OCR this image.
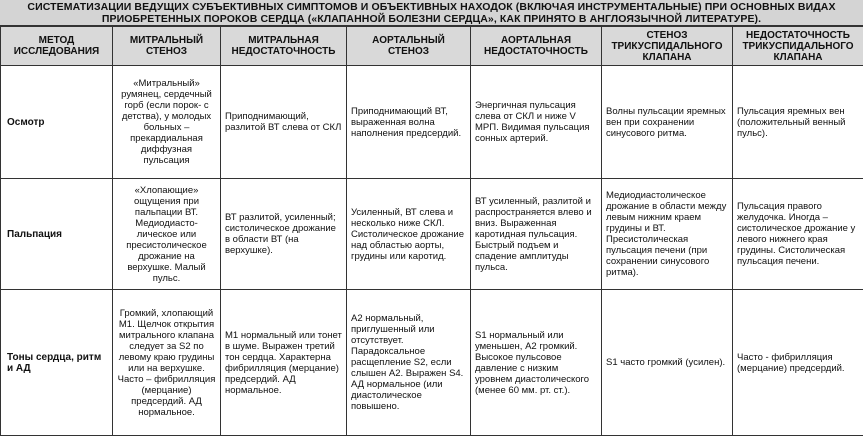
СИСТЕМАТИЗАЦИИ ВЕДУЩИХ СУБЪЕКТИВНЫХ СИМПТОМОВ И ОБЪЕКТИВНЫХ НАХОДОК (ВКЛЮЧАЯ ИНСТРУМЕНТАЛЬНЫЕ) ПРИ ОСНОВНЫХ ВИДАХ
ПРИОБРЕТЕННЫХ ПОРОКОВ СЕРДЦА («КЛАПАННОЙ БОЛЕЗНИ СЕРДЦА», КАК ПРИНЯТО В АНГЛОЯЗЫЧНОЙ ЛИТЕРАТУРЕ).
МЕТОД ИССЛЕДОВАНИЯ	МИТРАЛЬНЫЙ СТЕНОЗ	МИТРАЛЬНАЯ НЕДОСТАТОЧНОСТЬ	АОРТАЛЬНЫЙ СТЕНОЗ	АОРТАЛЬНАЯ НЕДОСТАТОЧНОСТЬ	СТЕНОЗ ТРИКУСПИДАЛЬНОГО КЛАПАНА	НЕДОСТАТОЧНОСТЬ ТРИКУСПИДАЛЬНОГО КЛАПАНА
Осмотр	«Митральный» румянец, сердечный горб (если порок- с детства), у молодых больных – прекардиальная диффузная пульсация	Приподнимающий, разлитой ВТ слева от СКЛ	Приподнимающий ВТ, выраженная волна наполнения предсердий.	Энергичная пульсация слева от СКЛ и ниже V МРП. Видимая пульсация сонных артерий.	Волны пульсации яремных вен при сохранении синусового ритма.	Пульсация яремных вен (положительный венный пульс).
Пальпация	«Хлопающие» ощущения при пальпации ВТ. Медиодиасто-лическое или пресистолическое дрожание на верхушке. Малый пульс.	ВТ разлитой, усиленный; систолическое дрожание в области ВТ (на верхушке).	Усиленный, ВТ слева и несколько ниже СКЛ. Систолическое дрожание над областью аорты, грудины или каротид.	ВТ усиленный, разлитой и распространяется влево и вниз. Выраженная каротидная пульсация. Быстрый подъем и спадение амплитуды пульса.	Медиодиастолическое дрожание в области между левым нижним краем грудины и ВТ. Пресистолическая пульсация печени (при сохранении синусового ритма).	Пульсация правого желудочка. Иногда – систолическое дрожание у левого нижнего края грудины. Систолическая пульсация печени.
Тоны сердца, ритм и АД	Громкий, хлопающий М1. Щелчок открытия митрального клапана следует за S2 по левому краю грудины или на верхушке. Часто – фибрилляция (мерцание) предсердий. АД нормальное.	М1 нормальный или тонет в шуме. Выражен третий тон сердца. Характерна фибрилляция (мерцание) предсердий. АД нормальное.	А2 нормальный, приглушенный или отсутствует. Парадоксальное расщепление S2, если слышен А2. Выражен S4. АД нормальное (или диастолическое повышено.	S1 нормальный или уменьшен, А2 громкий. Высокое пульсовое давление с низким уровнем диастолического (менее 60 мм. рт. ст.).	S1 часто громкий (усилен).	Часто - фибрилляция (мерцание) предсердий.
